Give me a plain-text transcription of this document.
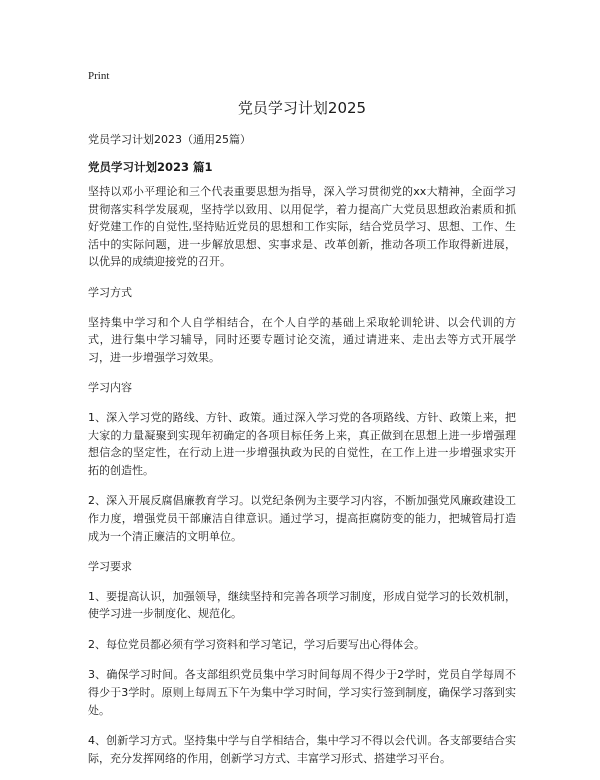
Print
党员学习计划2025

党员学习计划2023（通用25篇）

党员学习计划2023 篇1

坚持以邓小平理论和三个代表重要思想为指导，深入学习贯彻党的xx大精神，全面学习贯彻落实科学发展观，坚持学以致用、以用促学，着力提高广大党员思想政治素质和抓好党建工作的自觉性,坚持贴近党员的思想和工作实际，结合党员学习、思想、工作、生活中的实际问题，进一步解放思想、实事求是、改革创新，推动各项工作取得新进展，以优异的成绩迎接党的召开。

学习方式

坚持集中学习和个人自学相结合，在个人自学的基础上采取轮训轮讲、以会代训的方式，进行集中学习辅导，同时还要专题讨论交流，通过请进来、走出去等方式开展学习，进一步增强学习效果。

学习内容

1、深入学习党的路线、方针、政策。通过深入学习党的各项路线、方针、政策上来，把大家的力量凝聚到实现年初确定的各项目标任务上来，真正做到在思想上进一步增强理想信念的坚定性，在行动上进一步增强执政为民的自觉性，在工作上进一步增强求实开拓的创造性。

2、深入开展反腐倡廉教育学习。以党纪条例为主要学习内容，不断加强党风廉政建设工作力度，增强党员干部廉洁自律意识。通过学习，提高拒腐防变的能力，把城管局打造成为一个清正廉洁的文明单位。

学习要求

1、要提高认识，加强领导，继续坚持和完善各项学习制度，形成自觉学习的长效机制，使学习进一步制度化、规范化。

2、每位党员都必须有学习资料和学习笔记，学习后要写出心得体会。

3、确保学习时间。各支部组织党员集中学习时间每周不得少于2学时，党员自学每周不得少于3学时。原则上每周五下午为集中学习时间，学习实行签到制度，确保学习落到实处。

4、创新学习方式。坚持集中学与自学相结合，集中学习不得以会代训。各支部要结合实际，充分发挥网络的作用，创新学习方式、丰富学习形式、搭建学习平台。
